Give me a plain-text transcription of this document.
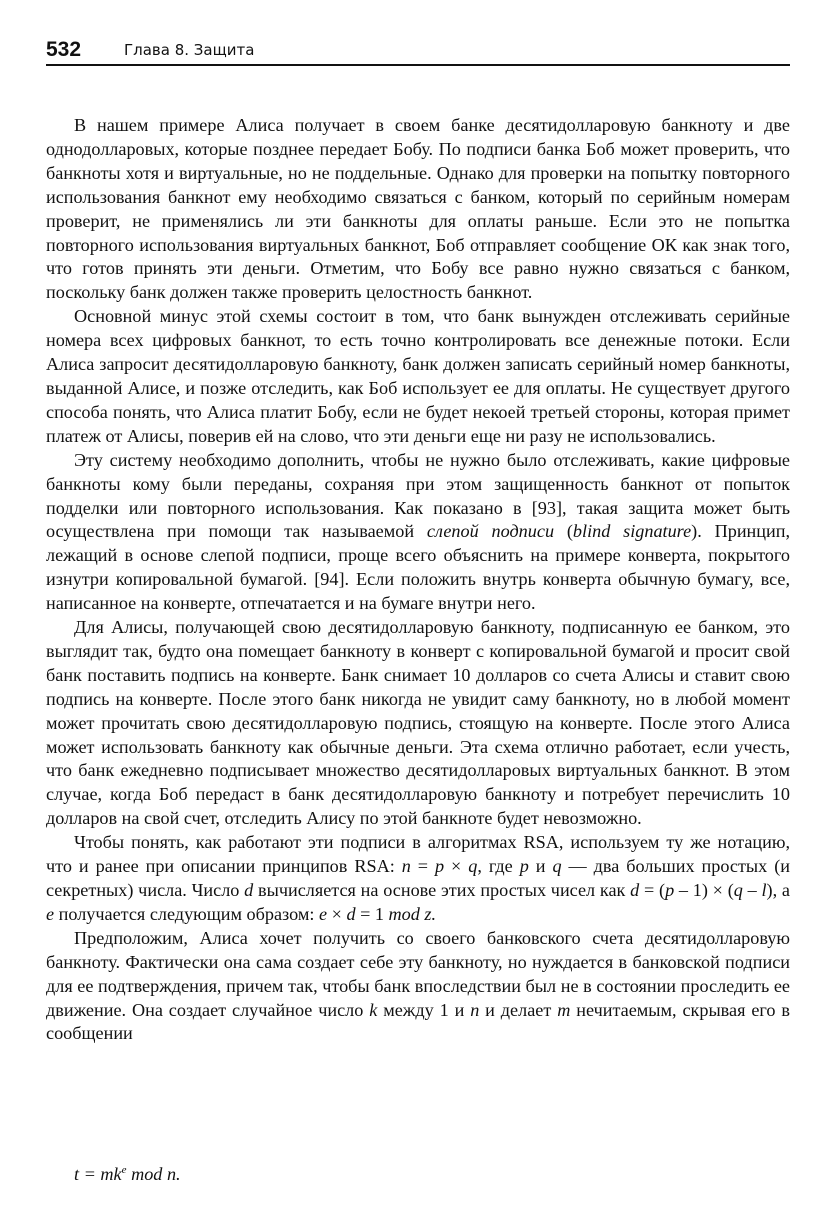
532	Глава 8. Защита

В нашем примере Алиса получает в своем банке десятидолларовую банкноту и две однодолларовых, которые позднее передает Бобу. По подписи банка Боб может проверить, что банкноты хотя и виртуальные, но не поддельные. Однако для проверки на попытку повторного использования банкнот ему необходимо связаться с банком, который по серийным номерам проверит, не применялись ли эти банкноты для оплаты раньше. Если это не попытка повторного использования виртуальных банкнот, Боб отправляет сообщение ОК как знак того, что готов принять эти деньги. Отметим, что Бобу все равно нужно связаться с банком, поскольку банк должен также проверить целостность банкнот.

Основной минус этой схемы состоит в том, что банк вынужден отслеживать серийные номера всех цифровых банкнот, то есть точно контролировать все денежные потоки. Если Алиса запросит десятидолларовую банкноту, банк должен записать серийный номер банкноты, выданной Алисе, и позже отследить, как Боб использует ее для оплаты. Не существует другого способа понять, что Алиса платит Бобу, если не будет некоей третьей стороны, которая примет платеж от Алисы, поверив ей на слово, что эти деньги еще ни разу не использовались.

Эту систему необходимо дополнить, чтобы не нужно было отслеживать, какие цифровые банкноты кому были переданы, сохраняя при этом защищенность банкнот от попыток подделки или повторного использования. Как показано в [93], такая защита может быть осуществлена при помощи так называемой слепой подписи (blind signature). Принцип, лежащий в основе слепой подписи, проще всего объяснить на примере конверта, покрытого изнутри копировальной бумагой. [94]. Если положить внутрь конверта обычную бумагу, все, написанное на конверте, отпечатается и на бумаге внутри него.

Для Алисы, получающей свою десятидолларовую банкноту, подписанную ее банком, это выглядит так, будто она помещает банкноту в конверт с копировальной бумагой и просит свой банк поставить подпись на конверте. Банк снимает 10 долларов со счета Алисы и ставит свою подпись на конверте. После этого банк никогда не увидит саму банкноту, но в любой момент может прочитать свою десятидолларовую подпись, стоящую на конверте. После этого Алиса может использовать банкноту как обычные деньги. Эта схема отлично работает, если учесть, что банк ежедневно подписывает множество десятидолларовых виртуальных банкнот. В этом случае, когда Боб передаст в банк десятидолларовую банкноту и потребует перечислить 10 долларов на свой счет, отследить Алису по этой банкноте будет невозможно.

Чтобы понять, как работают эти подписи в алгоритмах RSA, используем ту же нотацию, что и ранее при описании принципов RSA: n = p × q, где p и q — два больших простых (и секретных) числа. Число d вычисляется на основе этих простых чисел как d = (p – 1) × (q – l), а e получается следующим образом: e × d = 1 mod z.

Предположим, Алиса хочет получить со своего банковского счета десятидолларовую банкноту. Фактически она сама создает себе эту банкноту, но нуждается в банковской подписи для ее подтверждения, причем так, чтобы банк впоследствии был не в состоянии проследить ее движение. Она создает случайное число k между 1 и n и делает m нечитаемым, скрывая его в сообщении

$t = mk^e$ mod n.
